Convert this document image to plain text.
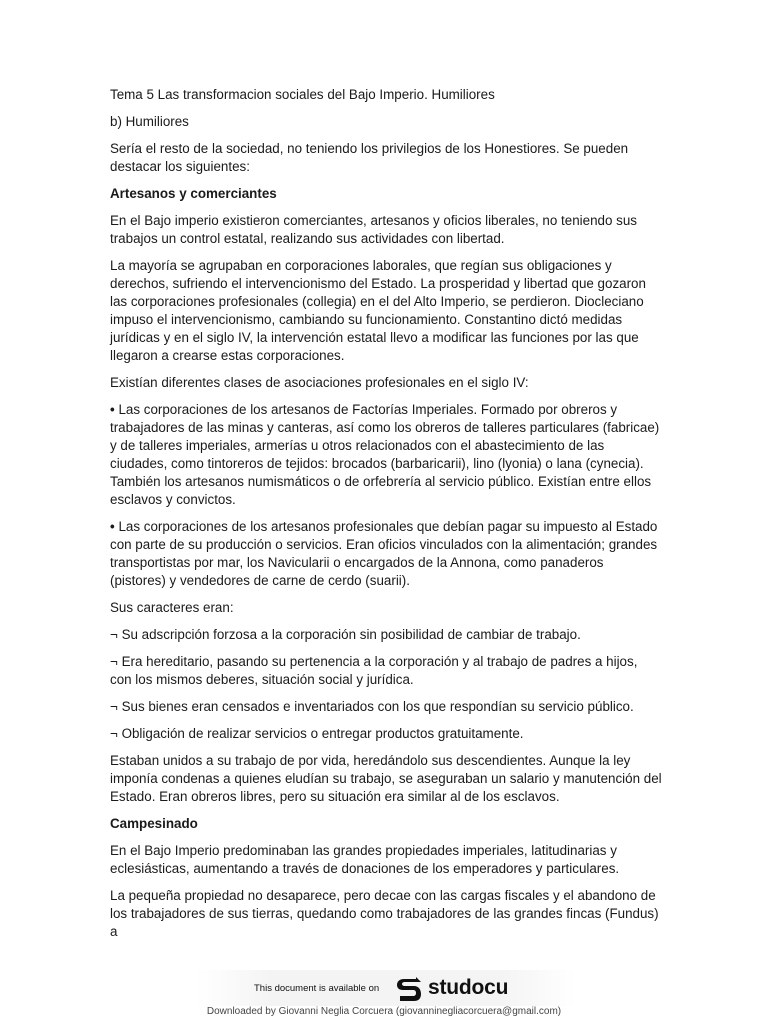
Tema 5 Las transformacion sociales del Bajo Imperio. Humiliores

b) Humiliores

Sería el resto de la sociedad, no teniendo los privilegios de los Honestiores. Se pueden destacar los siguientes:

Artesanos y comerciantes

En el Bajo imperio existieron comerciantes, artesanos y oficios liberales, no teniendo sus trabajos un control estatal, realizando sus actividades con libertad.

La mayoría se agrupaban en corporaciones laborales, que regían sus obligaciones y derechos, sufriendo el intervencionismo del Estado. La prosperidad y libertad que gozaron las corporaciones profesionales (collegia) en el del Alto Imperio, se perdieron. Diocleciano impuso el intervencionismo, cambiando su funcionamiento. Constantino dictó medidas jurídicas y en el siglo IV, la intervención estatal llevo a modificar las funciones por las que llegaron a crearse estas corporaciones.

Existían diferentes clases de asociaciones profesionales en el siglo IV:

• Las corporaciones de los artesanos de Factorías Imperiales. Formado por obreros y trabajadores de las minas y canteras, así como los obreros de talleres particulares (fabricae) y de talleres imperiales, armerías u otros relacionados con el abastecimiento de las ciudades, como tintoreros de tejidos: brocados (barbaricarii), lino (lyonia) o lana (cynecia). También los artesanos numismáticos o de orfebrería al servicio público. Existían entre ellos esclavos y convictos.

• Las corporaciones de los artesanos profesionales que debían pagar su impuesto al Estado con parte de su producción o servicios. Eran oficios vinculados con la alimentación; grandes transportistas por mar, los Navicularii o encargados de la Annona, como panaderos (pistores) y vendedores de carne de cerdo (suarii).

Sus caracteres eran:

¬ Su adscripción forzosa a la corporación sin posibilidad de cambiar de trabajo.

¬ Era hereditario, pasando su pertenencia a la corporación y al trabajo de padres a hijos, con los mismos deberes, situación social y jurídica.

¬ Sus bienes eran censados e inventariados con los que respondían su servicio público.

¬ Obligación de realizar servicios o entregar productos gratuitamente.

Estaban unidos a su trabajo de por vida, heredándolo sus descendientes. Aunque la ley imponía condenas a quienes eludían su trabajo, se aseguraban un salario y manutención del Estado. Eran obreros libres, pero su situación era similar al de los esclavos.

Campesinado

En el Bajo Imperio predominaban las grandes propiedades imperiales, latitudinarias y eclesiásticas, aumentando a través de donaciones de los emperadores y particulares.

La pequeña propiedad no desaparece, pero decae con las cargas fiscales y el abandono de los trabajadores de sus tierras, quedando como trabajadores de las grandes fincas (Fundus) a

This document is available on studocu
Downloaded by Giovanni Neglia Corcuera (giovanninegliacorcuera@gmail.com)
